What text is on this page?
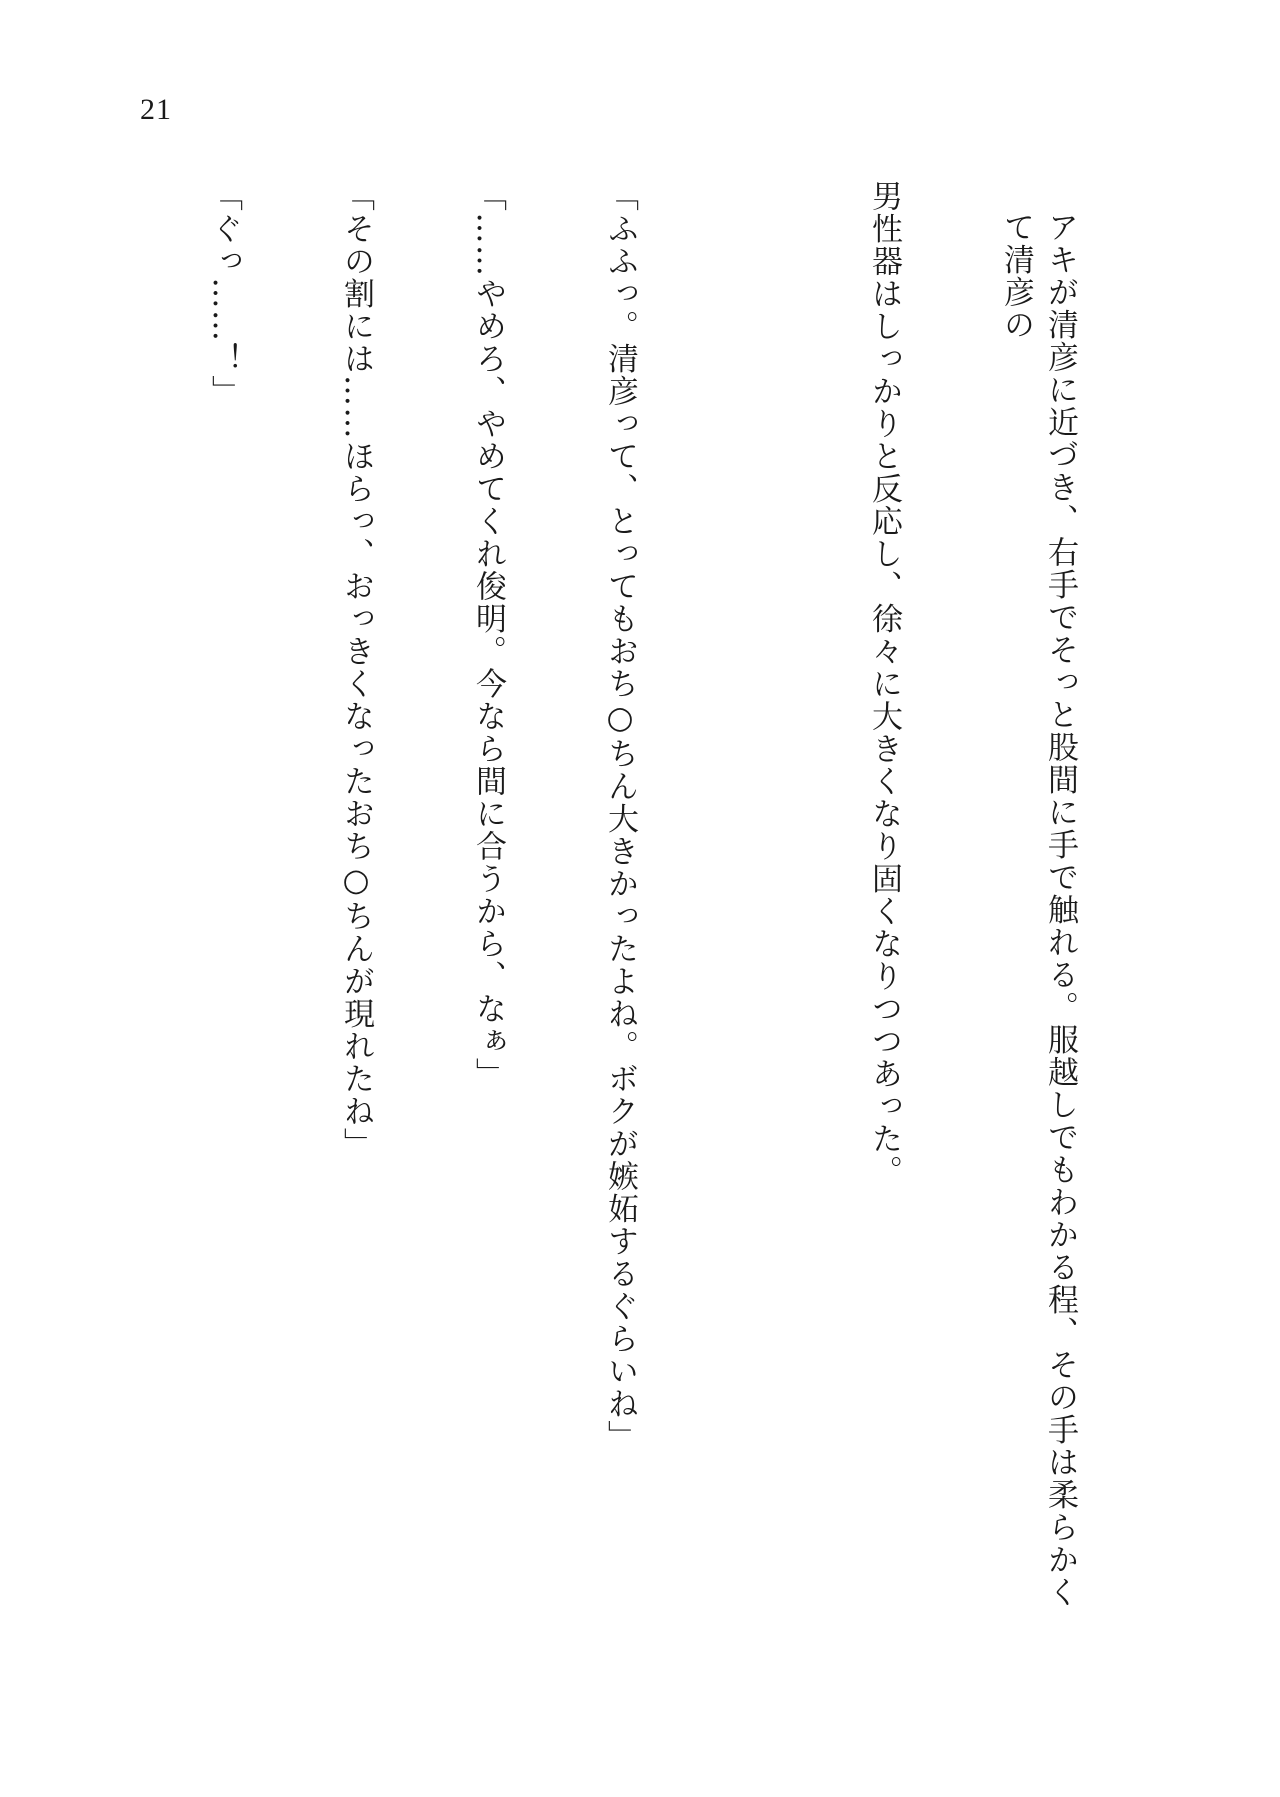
21

アキが清彦に近づき、右手でそっと股間に手で触れる。服越しでもわかる程、その手は柔らかくて清彦の

男性器はしっかりと反応し、徐々に大きくなり固くなりつつあった。

「ふふっ。清彦って、とってもおち○ちん大きかったよね。ボクが嫉妬するぐらいね」

「……やめろ、やめてくれ俊明。今なら間に合うから、なぁ」

「その割には……ほらっ、おっきくなったおち○ちんが現れたね」

「ぐっ……！」
